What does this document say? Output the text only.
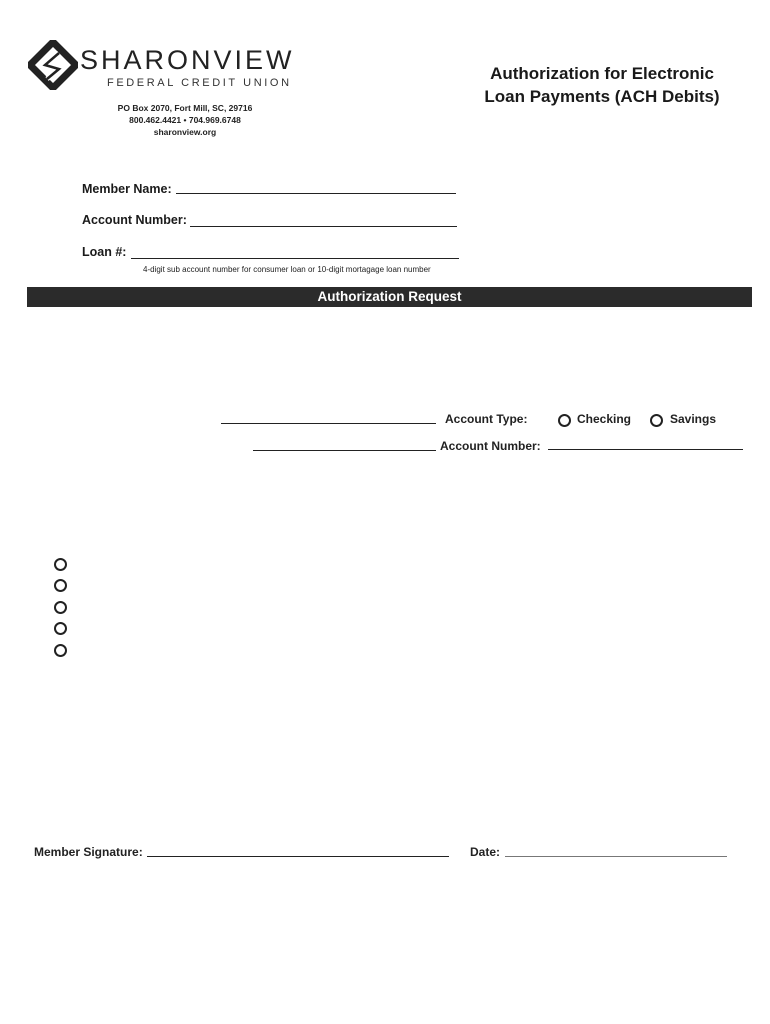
SHARONVIEW
FEDERAL CREDIT UNION
PO Box 2070, Fort Mill, SC, 29716
800.462.4421 • 704.969.6748
sharonview.org
Authorization for Electronic
Loan Payments (ACH Debits)
Member Name:
Account Number:
Loan #:
4-digit sub account number for consumer loan or 10-digit mortagage loan number
Authorization Request
Account Type:	Checking	Savings
Account Number:
Member Signature:	Date:
